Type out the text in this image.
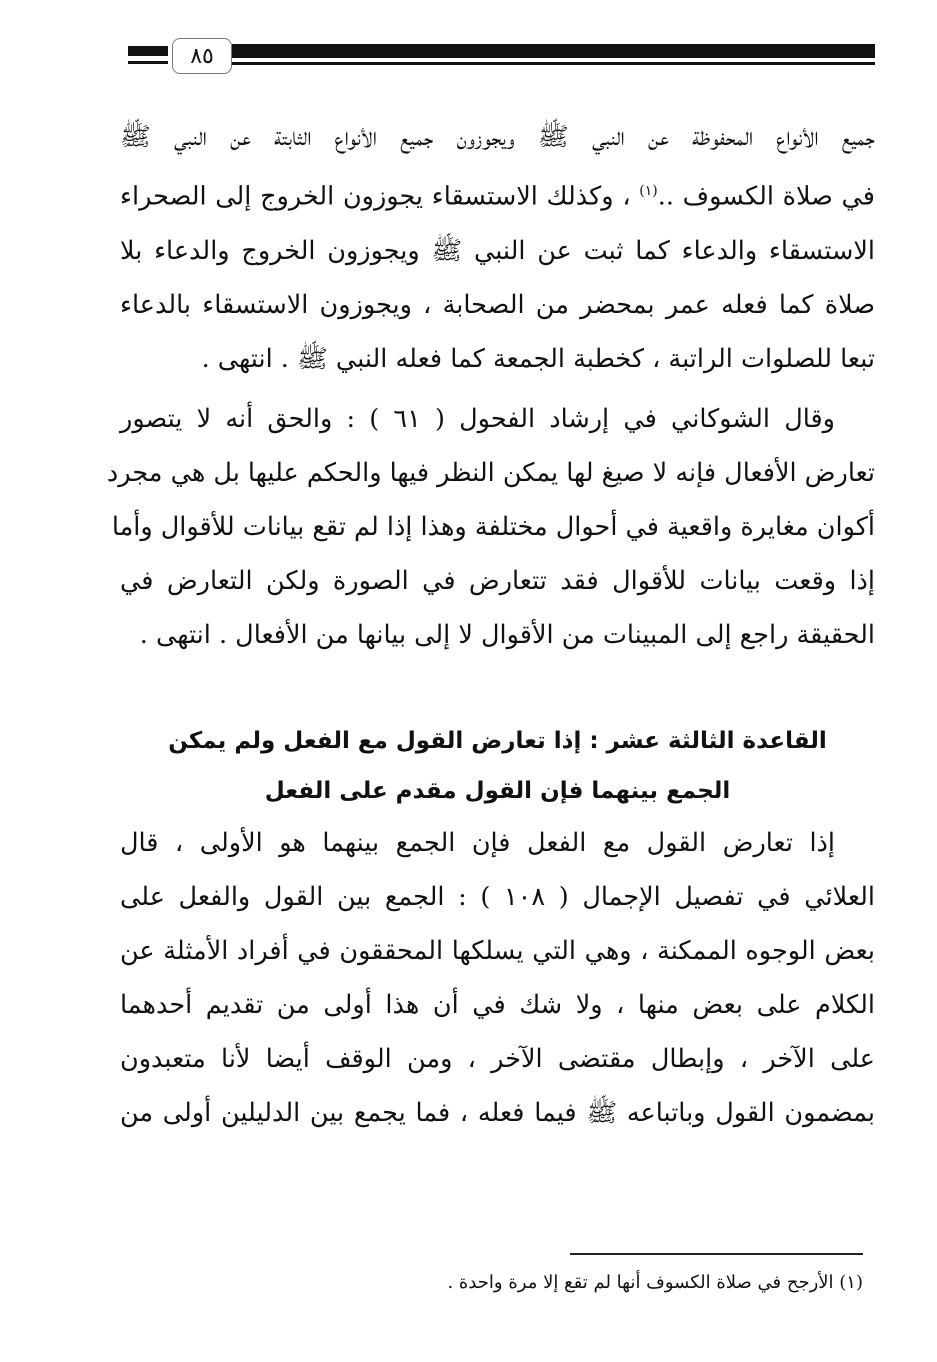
٨٥

جميع الأنواع المحفوظة عن النبي ﷺ ويجوزون جميع الأنواع الثابتة عن النبي ﷺ

في صلاة الكسوف ..$^{(١)}$ ، وكذلك الاستسقاء يجوزون الخروج إلى الصحراء

الاستسقاء والدعاء كما ثبت عن النبي ﷺ ويجوزون الخروج والدعاء بلا

صلاة كما فعله عمر بمحضر من الصحابة ، ويجوزون الاستسقاء بالدعاء

تبعا للصلوات الراتبة ، كخطبة الجمعة كما فعله النبي ﷺ . انتهى .

وقال الشوكاني في إرشاد الفحول ( ٦١ ) : والحق أنه لا يتصور

تعارض الأفعال فإنه لا صيغ لها يمكن النظر فيها والحكم عليها بل هي مجرد

أكوان مغايرة واقعية في أحوال مختلفة وهذا إذا لم تقع بيانات للأقوال وأما

إذا وقعت بيانات للأقوال فقد تتعارض في الصورة ولكن التعارض في

الحقيقة راجع إلى المبينات من الأقوال لا إلى بيانها من الأفعال . انتهى .

القاعدة الثالثة عشر : إذا تعارض القول مع الفعل ولم يمكن
الجمع بينهما فإن القول مقدم على الفعل

إذا تعارض القول مع الفعل فإن الجمع بينهما هو الأولى ، قال

العلائي في تفصيل الإجمال ( ١٠٨ ) : الجمع بين القول والفعل على

بعض الوجوه الممكنة ، وهي التي يسلكها المحققون في أفراد الأمثلة عن

الكلام على بعض منها ، ولا شك في أن هذا أولى من تقديم أحدهما

على الآخر ، وإبطال مقتضى الآخر ، ومن الوقف أيضا لأنا متعبدون

بمضمون القول وباتباعه ﷺ فيما فعله ، فما يجمع بين الدليلين أولى من

(١) الأرجح في صلاة الكسوف أنها لم تقع إلا مرة واحدة .
